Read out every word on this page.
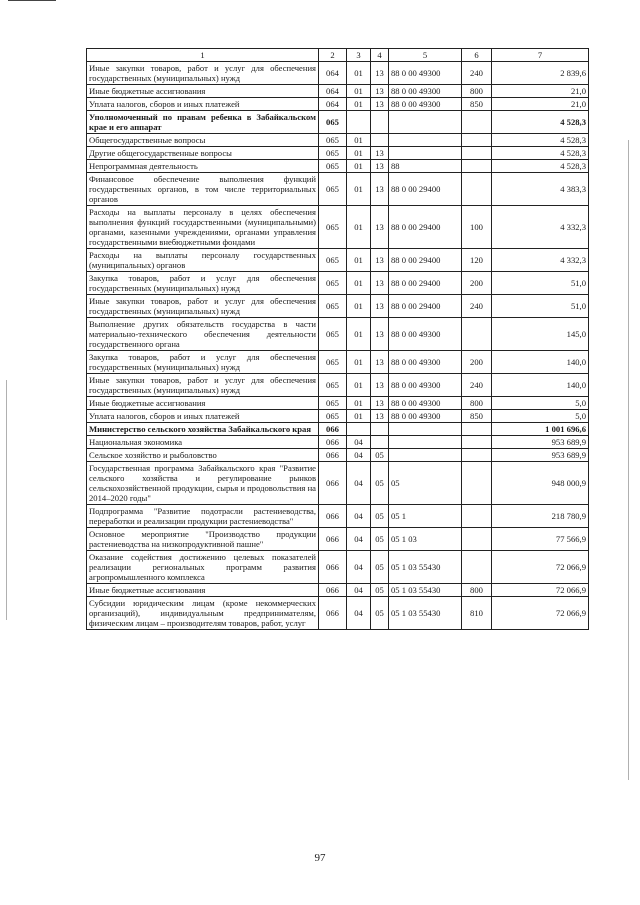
1	2	3	4	5	6	7
Иные закупки товаров, работ и услуг для обеспечения государственных (муниципальных) нужд	064	01	13	88 0 00 49300	240	2 839,6
Иные бюджетные ассигнования	064	01	13	88 0 00 49300	800	21,0
Уплата налогов, сборов и иных платежей	064	01	13	88 0 00 49300	850	21,0
Уполномоченный по правам ребенка в Забайкальском крае и его аппарат	065					4 528,3
Общегосударственные вопросы	065	01				4 528,3
Другие общегосударственные вопросы	065	01	13			4 528,3
Непрограммная деятельность	065	01	13	88		4 528,3
Финансовое обеспечение выполнения функций государственных органов, в том числе территориальных органов	065	01	13	88 0 00 29400		4 383,3
Расходы на выплаты персоналу в целях обеспечения выполнения функций государственными (муниципальными) органами, казенными учреждениями, органами управления государственными внебюджетными фондами	065	01	13	88 0 00 29400	100	4 332,3
Расходы на выплаты персоналу государственных (муниципальных) органов	065	01	13	88 0 00 29400	120	4 332,3
Закупка товаров, работ и услуг для обеспечения государственных (муниципальных) нужд	065	01	13	88 0 00 29400	200	51,0
Иные закупки товаров, работ и услуг для обеспечения государственных (муниципальных) нужд	065	01	13	88 0 00 29400	240	51,0
Выполнение других обязательств государства в части материально-технического обеспечения деятельности государственного органа	065	01	13	88 0 00 49300		145,0
Закупка товаров, работ и услуг для обеспечения государственных (муниципальных) нужд	065	01	13	88 0 00 49300	200	140,0
Иные закупки товаров, работ и услуг для обеспечения государственных (муниципальных) нужд	065	01	13	88 0 00 49300	240	140,0
Иные бюджетные ассигнования	065	01	13	88 0 00 49300	800	5,0
Уплата налогов, сборов и иных платежей	065	01	13	88 0 00 49300	850	5,0
Министерство сельского хозяйства Забайкальского края	066					1 001 696,6
Национальная экономика	066	04				953 689,9
Сельское хозяйство и рыболовство	066	04	05			953 689,9
Государственная программа Забайкальского края "Развитие сельского хозяйства и регулирование рынков сельскохозяйственной продукции, сырья и продовольствия на 2014–2020 годы"	066	04	05	05		948 000,9
Подпрограмма "Развитие подотрасли растениеводства, переработки и реализации продукции растениеводства"	066	04	05	05 1		218 780,9
Основное мероприятие "Производство продукции растениеводства на низкопродуктивной пашне"	066	04	05	05 1 03		77 566,9
Оказание содействия достижению целевых показателей реализации региональных программ развития агропромышленного комплекса	066	04	05	05 1 03 55430		72 066,9
Иные бюджетные ассигнования	066	04	05	05 1 03 55430	800	72 066,9
Субсидии юридическим лицам (кроме некоммерческих организаций), индивидуальным предпринимателям, физическим лицам – производителям товаров, работ, услуг	066	04	05	05 1 03 55430	810	72 066,9
97
